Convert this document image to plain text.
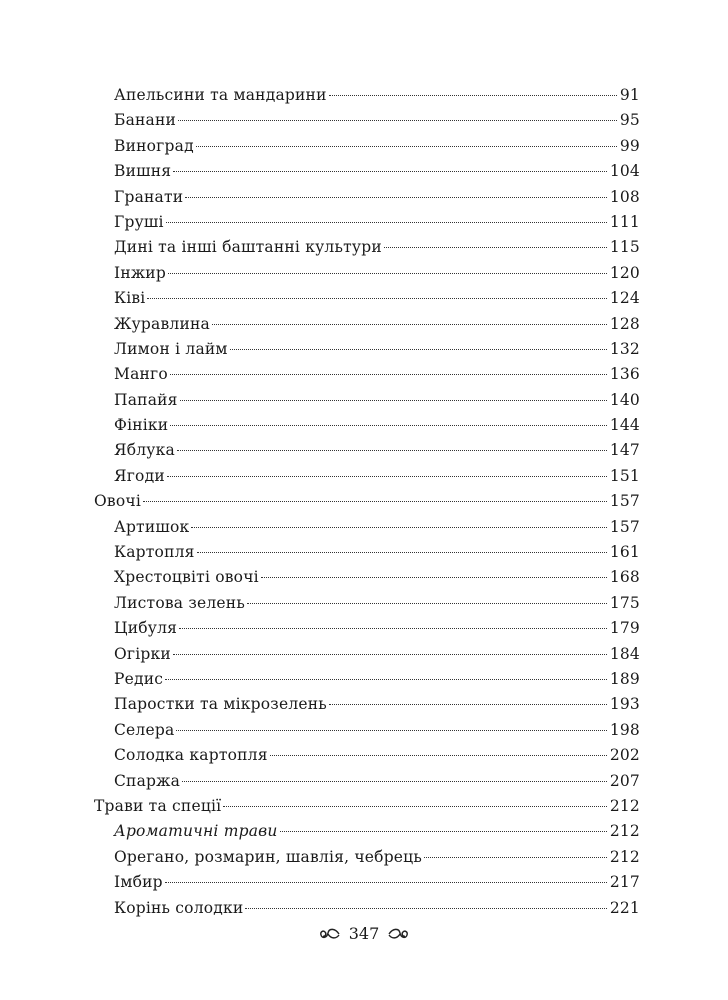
Апельсини та мандарини	91
Банани	95
Виноград	99
Вишня	104
Гранати	108
Груші	111
Дині та інші баштанні культури	115
Інжир	120
Ківі	124
Журавлина	128
Лимон і лайм	132
Манго	136
Папайя	140
Фініки	144
Яблука	147
Ягоди	151
Овочі	157
Артишок	157
Картопля	161
Хрестоцвіті овочі	168
Листова зелень	175
Цибуля	179
Огірки	184
Редис	189
Паростки та мікрозелень	193
Селера	198
Солодка картопля	202
Спаржа	207
Трави та спеції	212
Ароматичні трави	212
Орегано, розмарин, шавлія, чебрець	212
Імбир	217
Корінь солодки	221
347
